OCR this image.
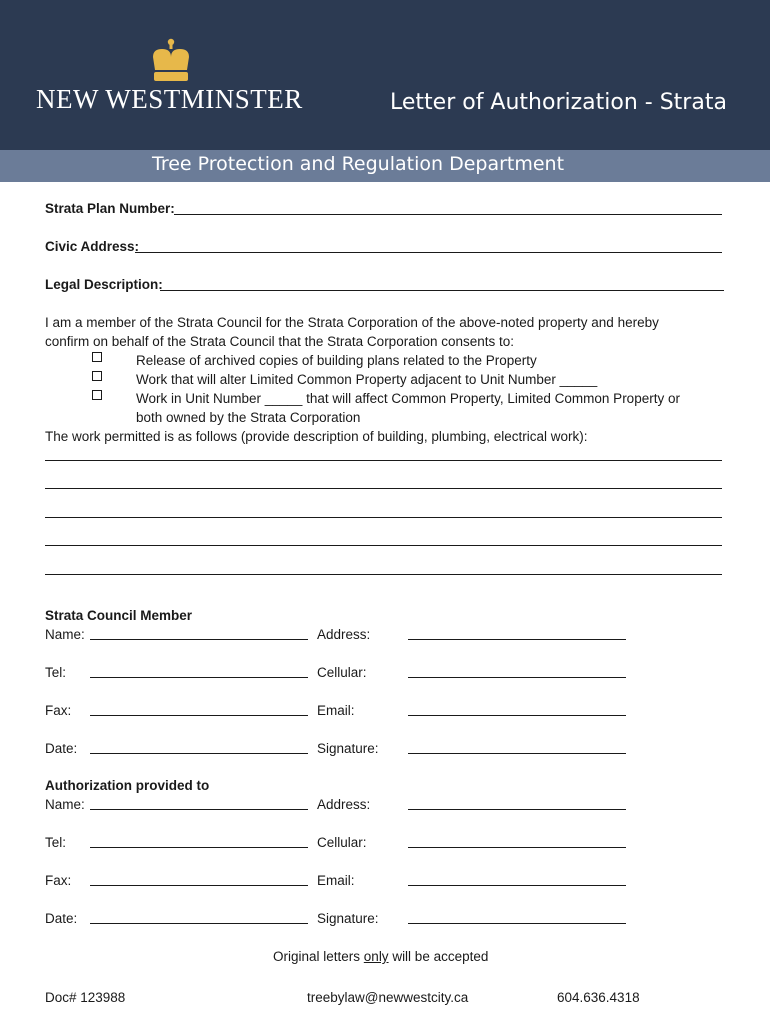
NEW WESTMINSTER	Letter of Authorization - Strata
Tree Protection and Regulation Department
Strata Plan Number:
Civic Address:
Legal Description:
I am a member of the Strata Council for the Strata Corporation of the above-noted property and hereby
confirm on behalf of the Strata Council that the Strata Corporation consents to:
Release of archived copies of building plans related to the Property
Work that will alter Limited Common Property adjacent to Unit Number _____
Work in Unit Number _____ that will affect Common Property, Limited Common Property or
both owned by the Strata Corporation
The work permitted is as follows (provide description of building, plumbing, electrical work):
Strata Council Member
Name:	Address:
Tel:	Cellular:
Fax:	Email:
Date:	Signature:
Authorization provided to
Name:	Address:
Tel:	Cellular:
Fax:	Email:
Date:	Signature:
Original letters only will be accepted
Doc# 123988	treebylaw@newwestcity.ca	604.636.4318
